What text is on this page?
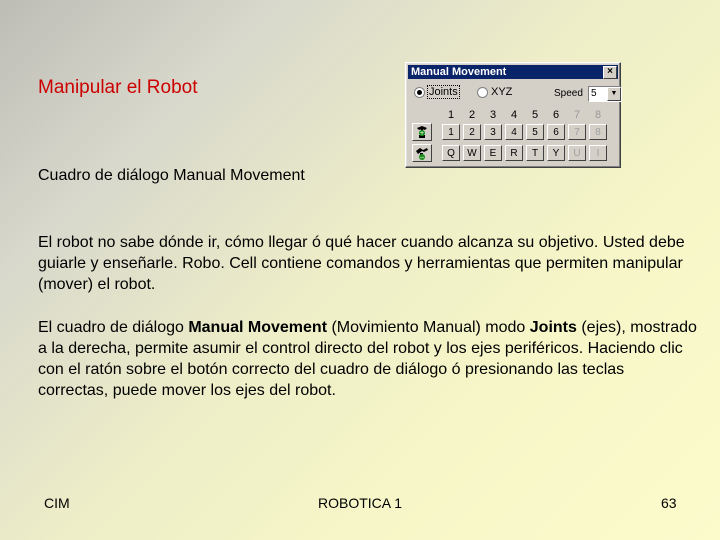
Manipular el Robot
Cuadro de diálogo Manual Movement

El robot no sabe dónde ir, cómo llegar ó qué hacer cuando alcanza su objetivo. Usted debe guiarle y enseñarle. Robo. Cell contiene comandos y herramientas que permiten manipular (mover) el robot.

El cuadro de diálogo Manual Movement (Movimiento Manual) modo Joints (ejes), mostrado a la derecha, permite asumir el control directo del robot y los ejes periféricos. Haciendo clic con el ratón sobre el botón correcto del cuadro de diálogo ó presionando las teclas correctas, puede mover los ejes del robot.

CIM	ROBOTICA 1	63
Manual Movement	×
Joints	XYZ	Speed 5	▼
1	2	3	4	5	6	7	8
+	1	2	3	4	5	6	7	8
−	Q	W	E	R	T	Y	U	I
